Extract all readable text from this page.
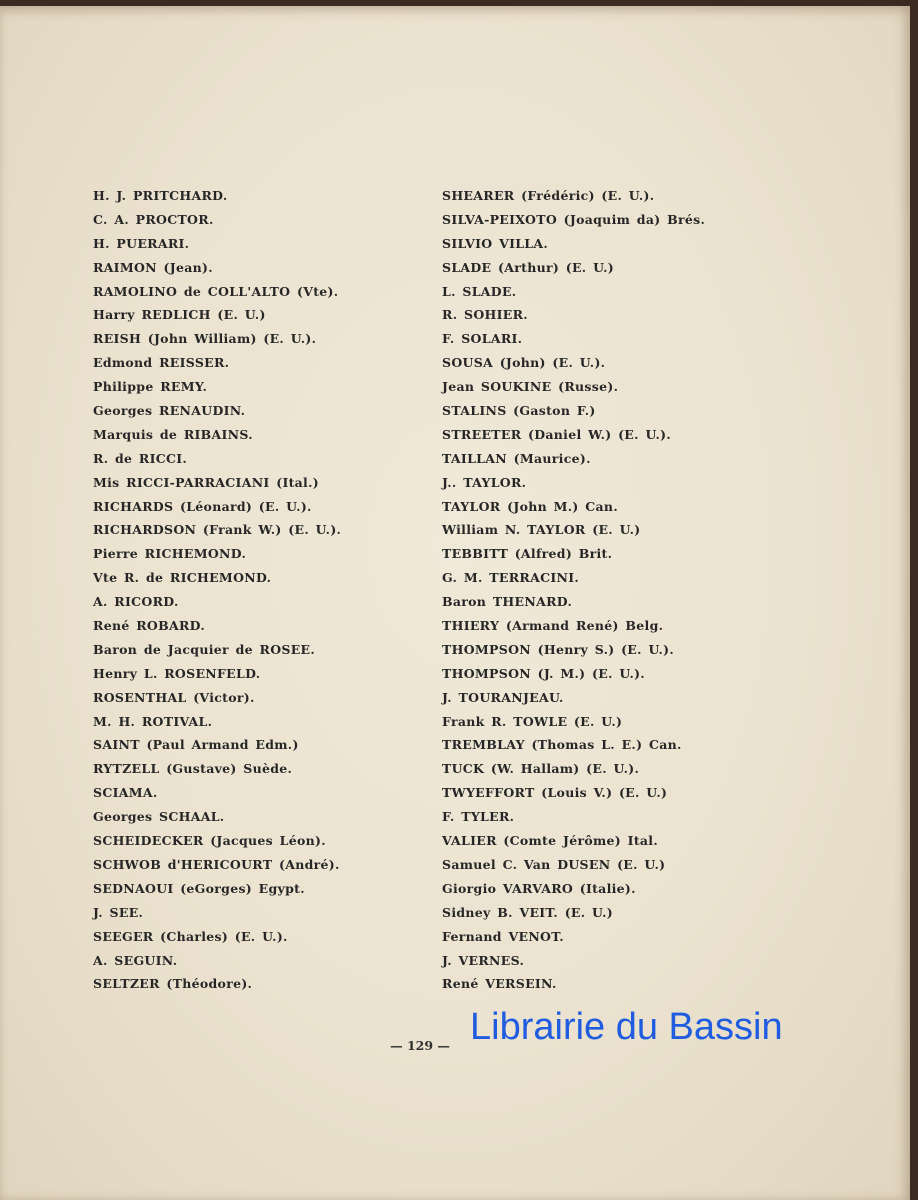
H. J. PRITCHARD.
C. A. PROCTOR.
H. PUERARI.
RAIMON (Jean).
RAMOLINO de COLL'ALTO (Vte).
Harry REDLICH (E. U.)
REISH (John William) (E. U.).
Edmond REISSER.
Philippe REMY.
Georges RENAUDIN.
Marquis de RIBAINS.
R. de RICCI.
Mis RICCI-PARRACIANI (Ital.)
RICHARDS (Léonard) (E. U.).
RICHARDSON (Frank W.) (E. U.).
Pierre RICHEMOND.
Vte R. de RICHEMOND.
A. RICORD.
René ROBARD.
Baron de Jacquier de ROSEE.
Henry L. ROSENFELD.
ROSENTHAL (Victor).
M. H. ROTIVAL.
SAINT (Paul Armand Edm.)
RYTZELL (Gustave) Suède.
SCIAMA.
Georges SCHAAL.
SCHEIDECKER (Jacques Léon).
SCHWOB d'HERICOURT (André).
SEDNAOUI (eGorges) Egypt.
J. SEE.
SEEGER (Charles) (E. U.).
A. SEGUIN.
SELTZER (Théodore).
SHEARER (Frédéric) (E. U.).
SILVA-PEIXOTO (Joaquim da) Brés.
SILVIO VILLA.
SLADE (Arthur) (E. U.)
L. SLADE.
R. SOHIER.
F. SOLARI.
SOUSA (John) (E. U.).
Jean SOUKINE (Russe).
STALINS (Gaston F.)
STREETER (Daniel W.) (E. U.).
TAILLAN (Maurice).
J.. TAYLOR.
TAYLOR (John M.) Can.
William N. TAYLOR (E. U.)
TEBBITT (Alfred) Brit.
G. M. TERRACINI.
Baron THENARD.
THIERY (Armand René) Belg.
THOMPSON (Henry S.) (E. U.).
THOMPSON (J. M.) (E. U.).
J. TOURANJEAU.
Frank R. TOWLE (E. U.)
TREMBLAY (Thomas L. E.) Can.
TUCK (W. Hallam) (E. U.).
TWYEFFORT (Louis V.) (E. U.)
F. TYLER.
VALIER (Comte Jérôme) Ital.
Samuel C. Van DUSEN (E. U.)
Giorgio VARVARO (Italie).
Sidney B. VEIT. (E. U.)
Fernand VENOT.
J. VERNES.
René VERSEIN.
— 129 — Librairie du Bassin
